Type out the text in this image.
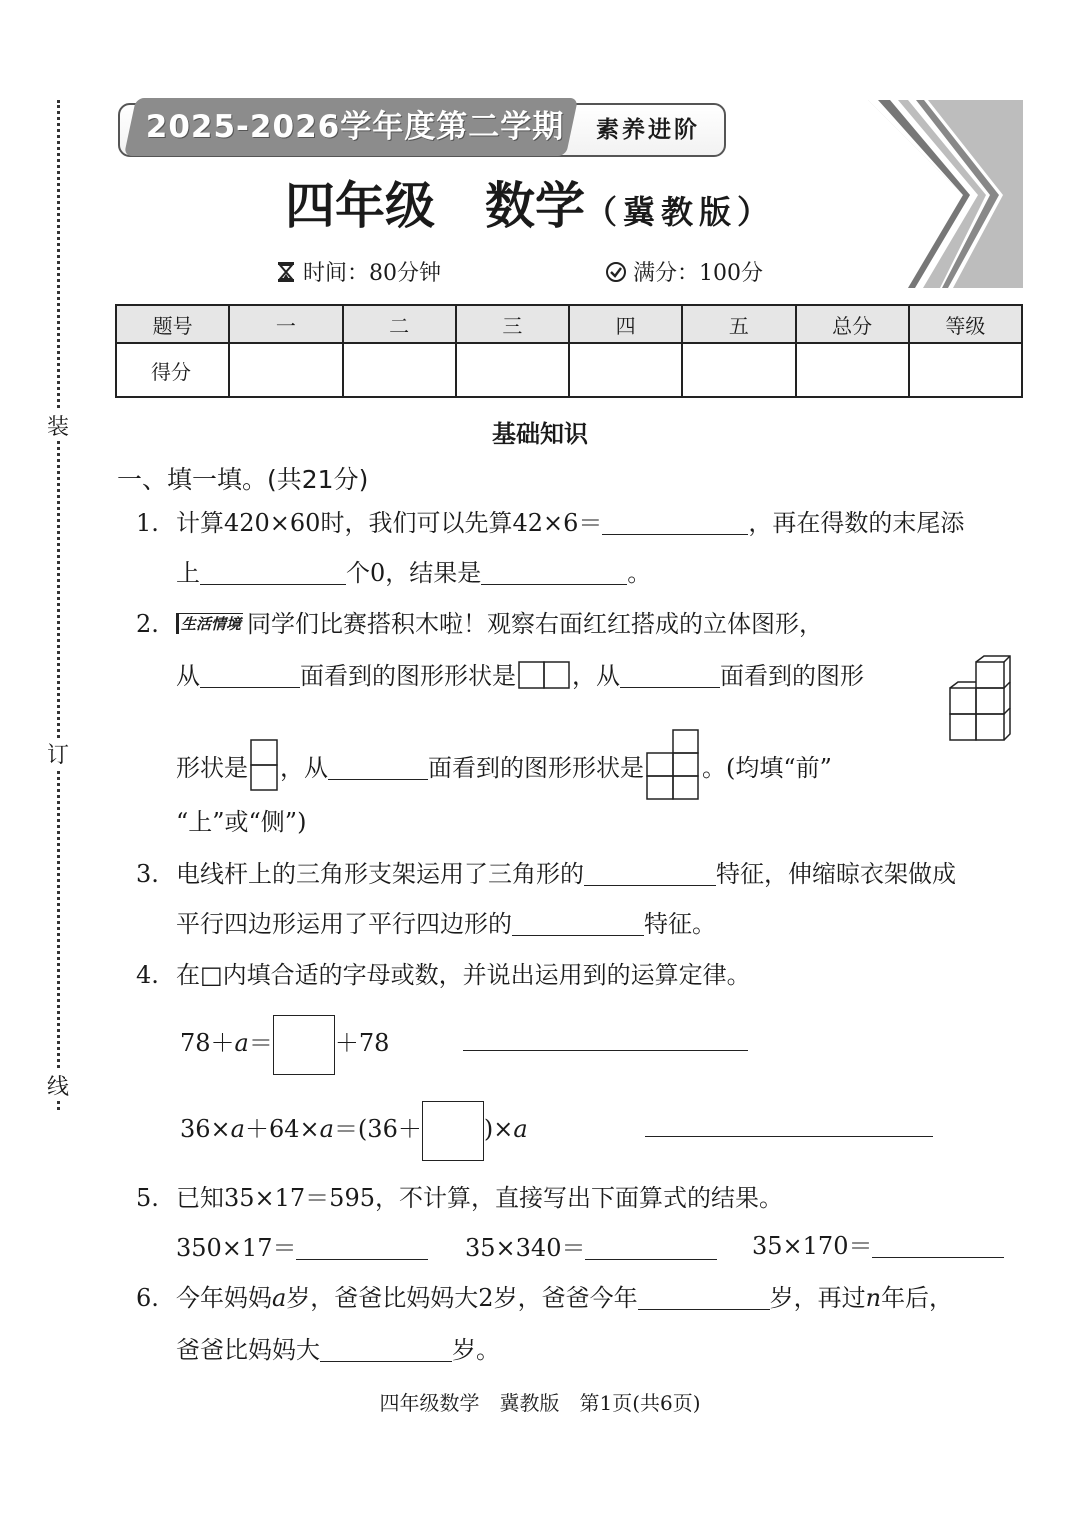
装
订
线
2025-2026学年度第二学期	素养进阶
四年级 数学（冀教版）
时间：80分钟	满分：100分
题号	一	二	三	四	五	总分	等级
得分							
基础知识
一、填一填。(共21分)
1. 计算420×60时，我们可以先算42×6＝	，再在得数的末尾添
上	个0，结果是	。
2.	生活情境 同学们比赛搭积木啦！观察右面红红搭成的立体图形，
从	面看到的图形形状是 ，从	面看到的图形
形状是 ，从	面看到的图形形状是 。(均填“前”
“上”或“侧”)
3. 电线杆上的三角形支架运用了三角形的	特征，伸缩晾衣架做成
平行四边形运用了平行四边形的	特征。
4. 在□内填合适的字母或数，并说出运用到的运算定律。
78＋a＝	＋78
36×a＋64×a＝(36＋	)×a
5. 已知35×17＝595，不计算，直接写出下面算式的结果。
350×17＝	35×340＝	35×170＝
6. 今年妈妈a岁，爸爸比妈妈大2岁，爸爸今年	岁，再过n年后，
爸爸比妈妈大	岁。
四年级数学　冀教版　第1页(共6页)
